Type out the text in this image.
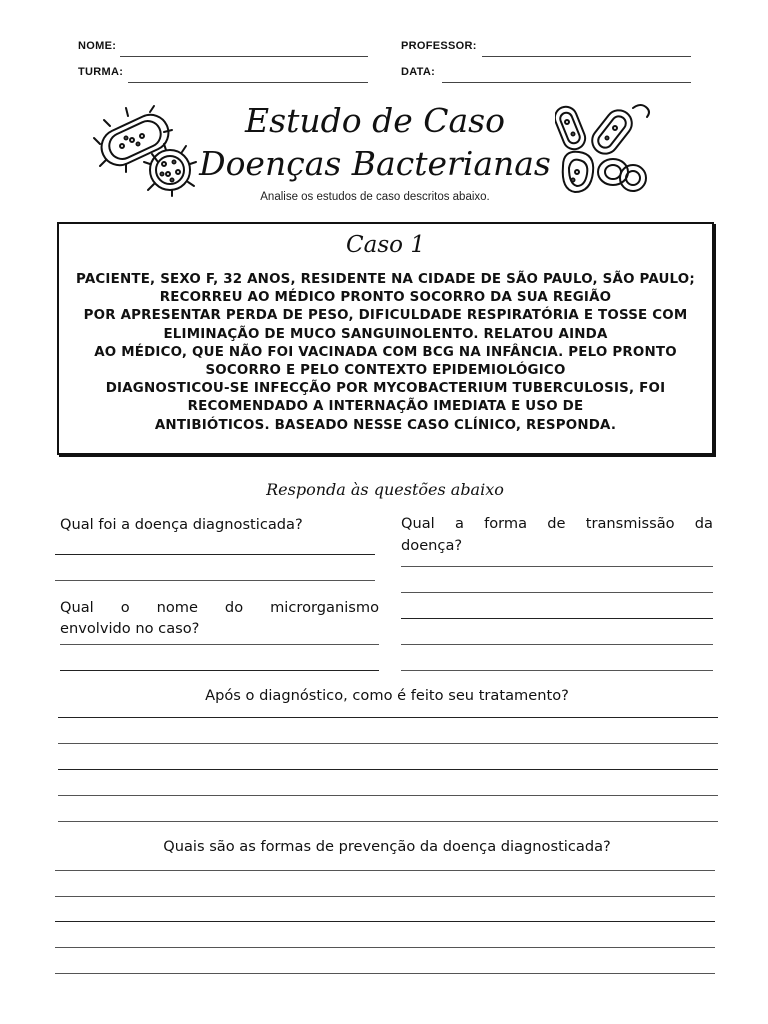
NOME:	PROFESSOR:
TURMA:	DATA:
Estudo de Caso
Doenças Bacterianas
Analise os estudos de caso descritos abaixo.
Caso 1
PACIENTE, SEXO F, 32 ANOS, RESIDENTE NA CIDADE DE SÃO PAULO, SÃO PAULO;
RECORREU AO MÉDICO PRONTO SOCORRO DA SUA REGIÃO
POR APRESENTAR PERDA DE PESO, DIFICULDADE RESPIRATÓRIA E TOSSE COM
ELIMINAÇÃO DE MUCO SANGUINOLENTO. RELATOU AINDA
AO MÉDICO, QUE NÃO FOI VACINADA COM BCG NA INFÂNCIA. PELO PRONTO
SOCORRO E PELO CONTEXTO EPIDEMIOLÓGICO
DIAGNOSTICOU-SE INFECÇÃO POR MYCOBACTERIUM TUBERCULOSIS, FOI
RECOMENDADO A INTERNAÇÃO IMEDIATA E USO DE
ANTIBIÓTICOS. BASEADO NESSE CASO CLÍNICO, RESPONDA.
Responda às questões abaixo
Qual foi a doença diagnosticada?	Qual a forma de transmissão da
doença?
Qual o nome do microrganismo
envolvido no caso?
Após o diagnóstico, como é feito seu tratamento?
Quais são as formas de prevenção da doença diagnosticada?
